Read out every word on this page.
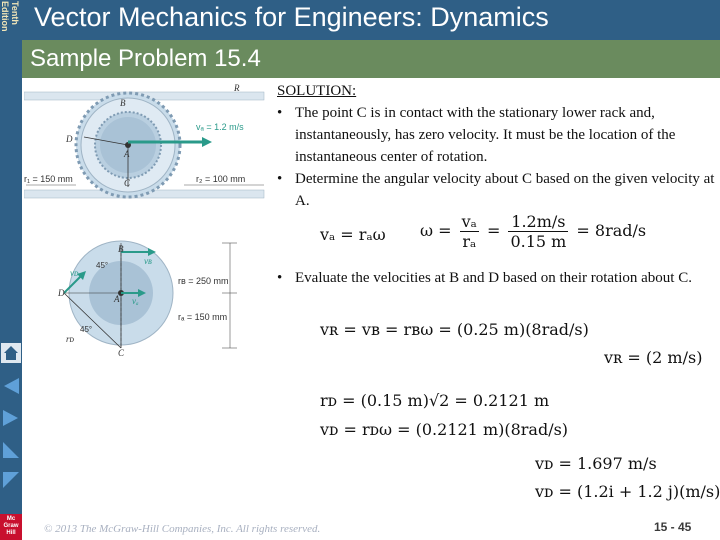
Tenth
Edition Vector Mechanics for Engineers: Dynamics
Sample Problem 15.4
Mc
Graw
Hill
R
D
B
A
C
vₐ = 1.2 m/s
r₁ = 150 mm	r₂ = 100 mm
B
D
A
C
vʙ
vₐ
vᴅ
rʙ = 250 mm
rₐ = 150 mm
rᴅ
45°
45°
SOLUTION:
• The point C is in contact with the stationary lower rack and, instantaneously, has zero velocity. It must be the location of the instantaneous center of rotation.
• Determine the angular velocity about C based on the given velocity at A.
• Evaluate the velocities at B and D based on their rotation about C.
vₐ = rₐω $\omega = \frac{\text{vₐ}}{\text{rₐ}} = \frac{1.2m/s}{0.15 m} = 8rad/s$
vʀ = vʙ = rʙω = (0.25 m)(8rad/s)
vʀ = (2 m/s)
rᴅ = (0.15 m)√2 = 0.2121 m
vᴅ = rᴅω = (0.2121 m)(8rad/s)
vᴅ = 1.697 m/s
vᴅ = (1.2i + 1.2 j)(m/s)
© 2013 The McGraw-Hill Companies, Inc. All rights reserved.	15 - 45
